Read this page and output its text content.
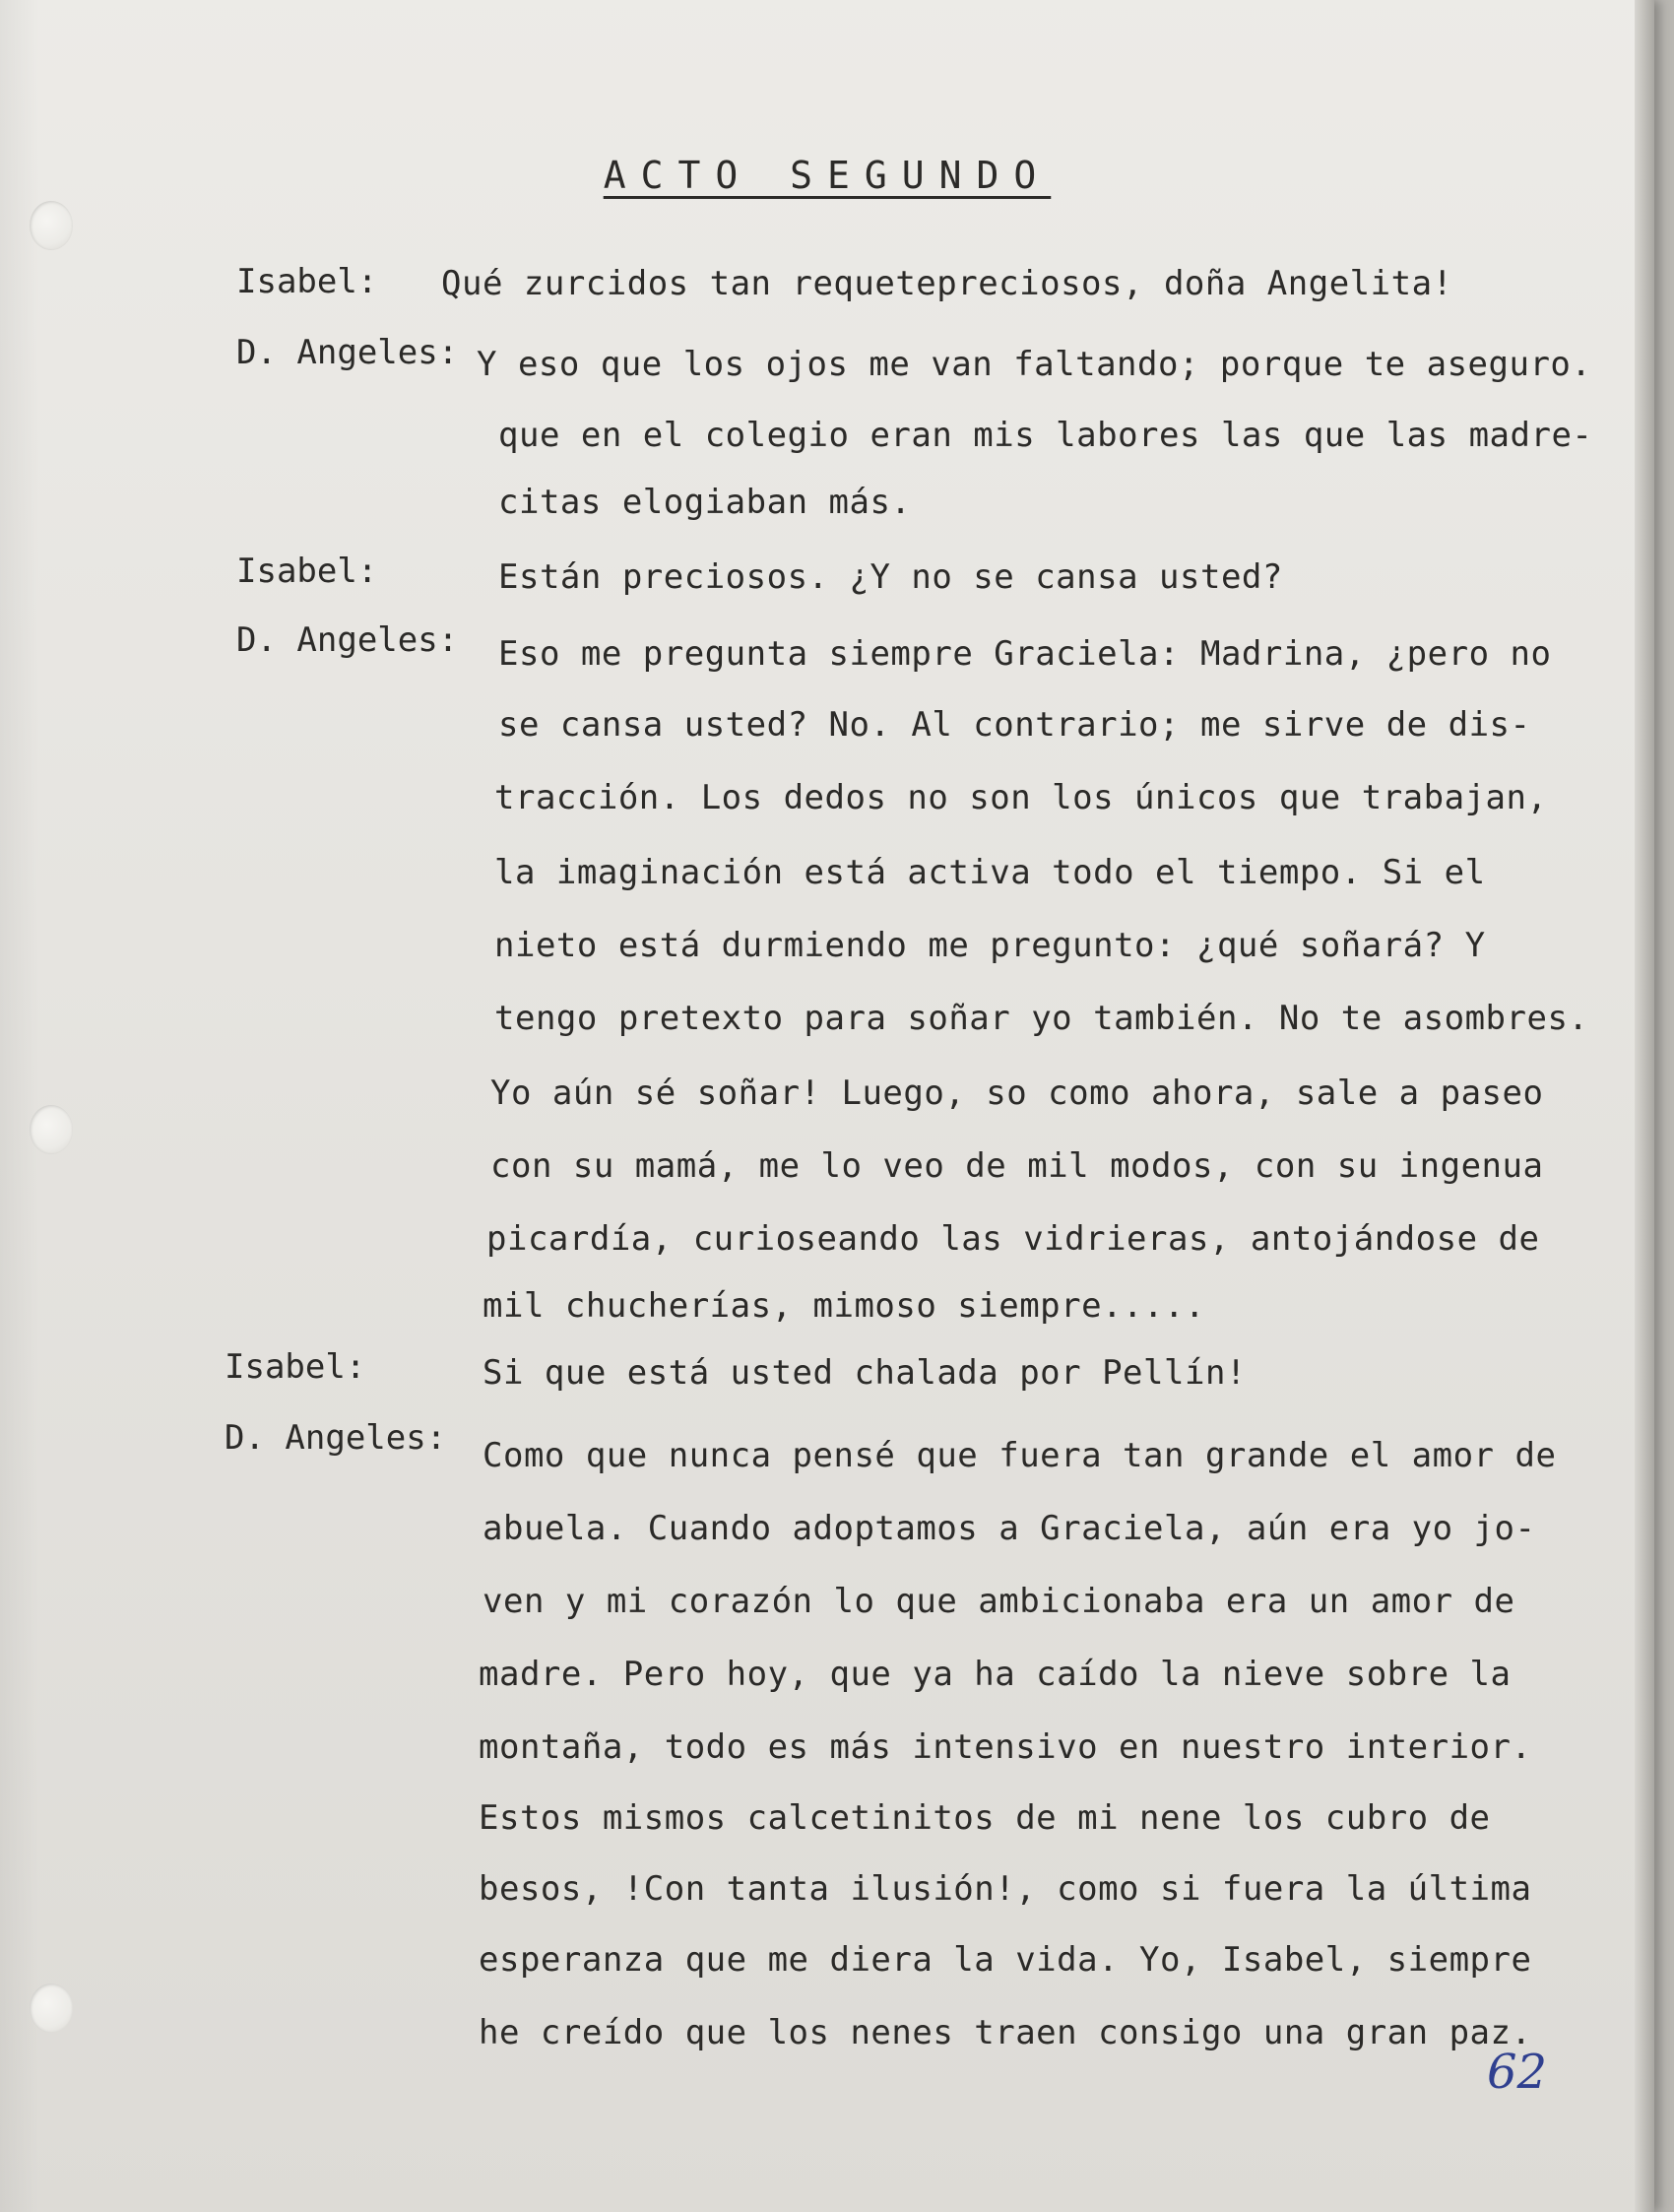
ACTO SEGUNDO
Isabel: Qué zurcidos tan requetepreciosos, doña Angelita!
D. Angeles: Y eso que los ojos me van faltando; porque te aseguro.
que en el colegio eran mis labores las que las madre-
citas elogiaban más.
Isabel:	Están preciosos. ¿Y no se cansa usted?
D. Angeles: Eso me pregunta siempre Graciela: Madrina, ¿pero no
se cansa usted? No. Al contrario; me sirve de dis-
tracción. Los dedos no son los únicos que trabajan,
la imaginación está activa todo el tiempo. Si el
nieto está durmiendo me pregunto: ¿qué soñará? Y
tengo pretexto para soñar yo también. No te asombres.
Yo aún sé soñar! Luego, so como ahora, sale a paseo
con su mamá, me lo veo de mil modos, con su ingenua
picardía, curioseando las vidrieras, antojándose de
mil chucherías, mimoso siempre.....
Isabel:	Si que está usted chalada por Pellín!
D. Angeles: Como que nunca pensé que fuera tan grande el amor de
abuela. Cuando adoptamos a Graciela, aún era yo jo-
ven y mi corazón lo que ambicionaba era un amor de
madre. Pero hoy, que ya ha caído la nieve sobre la
montaña, todo es más intensivo en nuestro interior.
Estos mismos calcetinitos de mi nene los cubro de
besos, !Con tanta ilusión!, como si fuera la última
esperanza que me diera la vida. Yo, Isabel, siempre
he creído que los nenes traen consigo una gran paz.
62
